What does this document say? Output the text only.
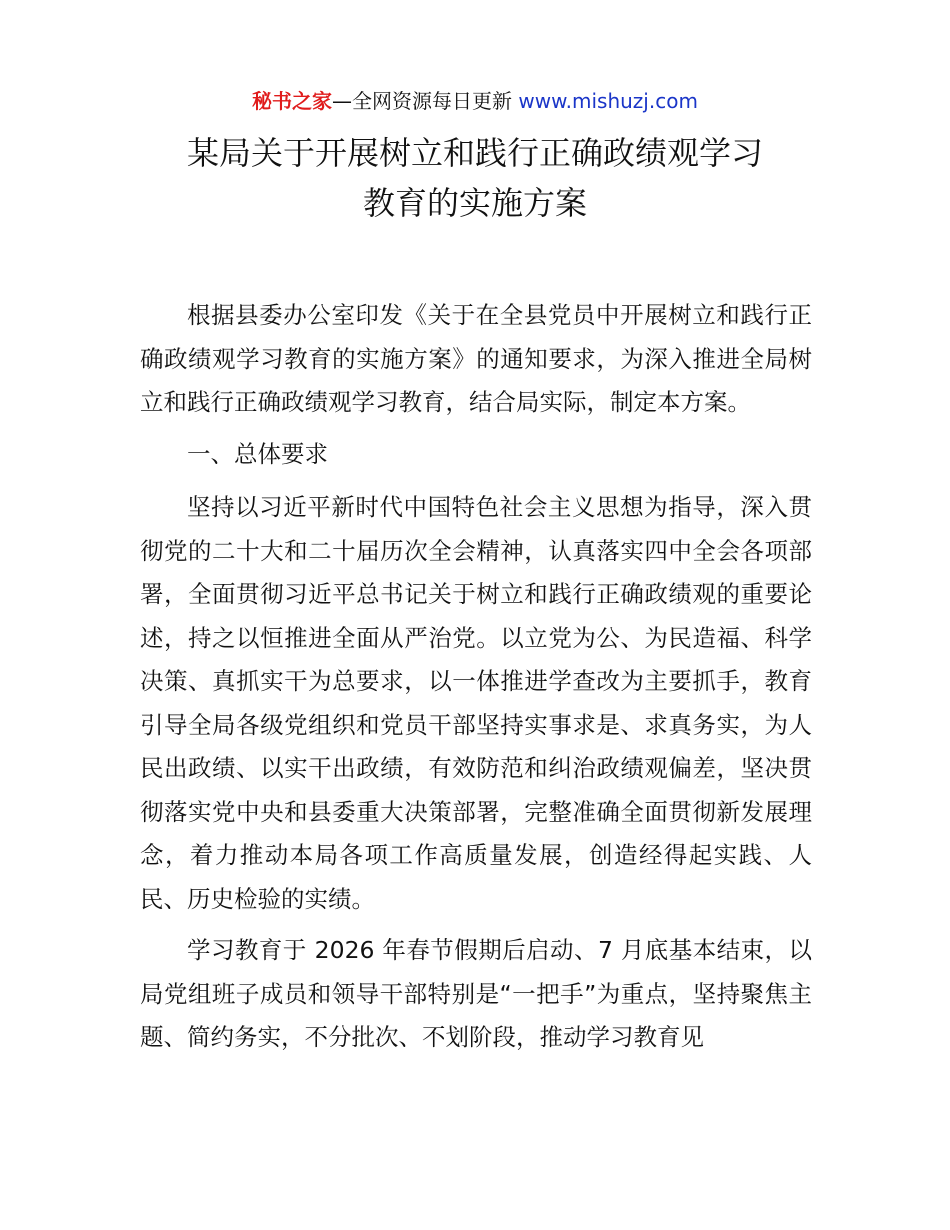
秘书之家—全网资源每日更新 www.mishuzj.com
某局关于开展树立和践行正确政绩观学习
教育的实施方案

根据县委办公室印发《关于在全县党员中开展树立和践行正确政绩观学习教育的实施方案》的通知要求，为深入推进全局树立和践行正确政绩观学习教育，结合局实际，制定本方案。

一、总体要求

坚持以习近平新时代中国特色社会主义思想为指导，深入贯彻党的二十大和二十届历次全会精神，认真落实四中全会各项部署，全面贯彻习近平总书记关于树立和践行正确政绩观的重要论述，持之以恒推进全面从严治党。以立党为公、为民造福、科学决策、真抓实干为总要求，以一体推进学查改为主要抓手，教育引导全局各级党组织和党员干部坚持实事求是、求真务实，为人民出政绩、以实干出政绩，有效防范和纠治政绩观偏差，坚决贯彻落实党中央和县委重大决策部署，完整准确全面贯彻新发展理念，着力推动本局各项工作高质量发展，创造经得起实践、人民、历史检验的实绩。

学习教育于 2026 年春节假期后启动、7 月底基本结束，以局党组班子成员和领导干部特别是“一把手”为重点，坚持聚焦主题、简约务实，不分批次、不划阶段，推动学习教育见
